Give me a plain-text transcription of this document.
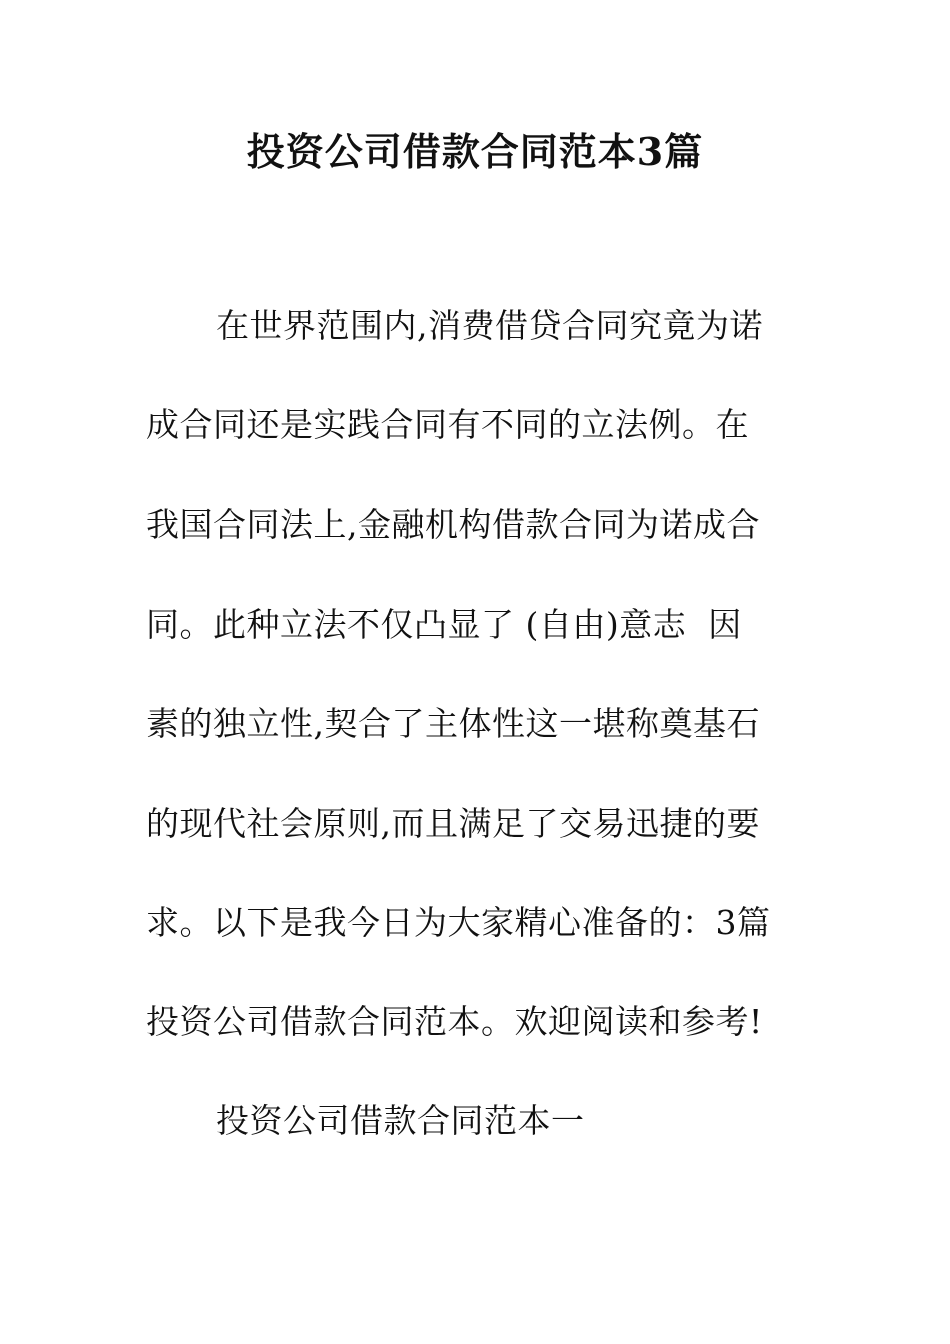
投资公司借款合同范本3篇
在世界范围内,消费借贷合同究竟为诺
成合同还是实践合同有不同的立法例。在
我国合同法上,金融机构借款合同为诺成合
同。此种立法不仅凸显了 (自由)意志  因
素的独立性,契合了主体性这一堪称奠基石
的现代社会原则,而且满足了交易迅捷的要
求。以下是我今日为大家精心准备的：3篇
投资公司借款合同范本。欢迎阅读和参考!
投资公司借款合同范本一
